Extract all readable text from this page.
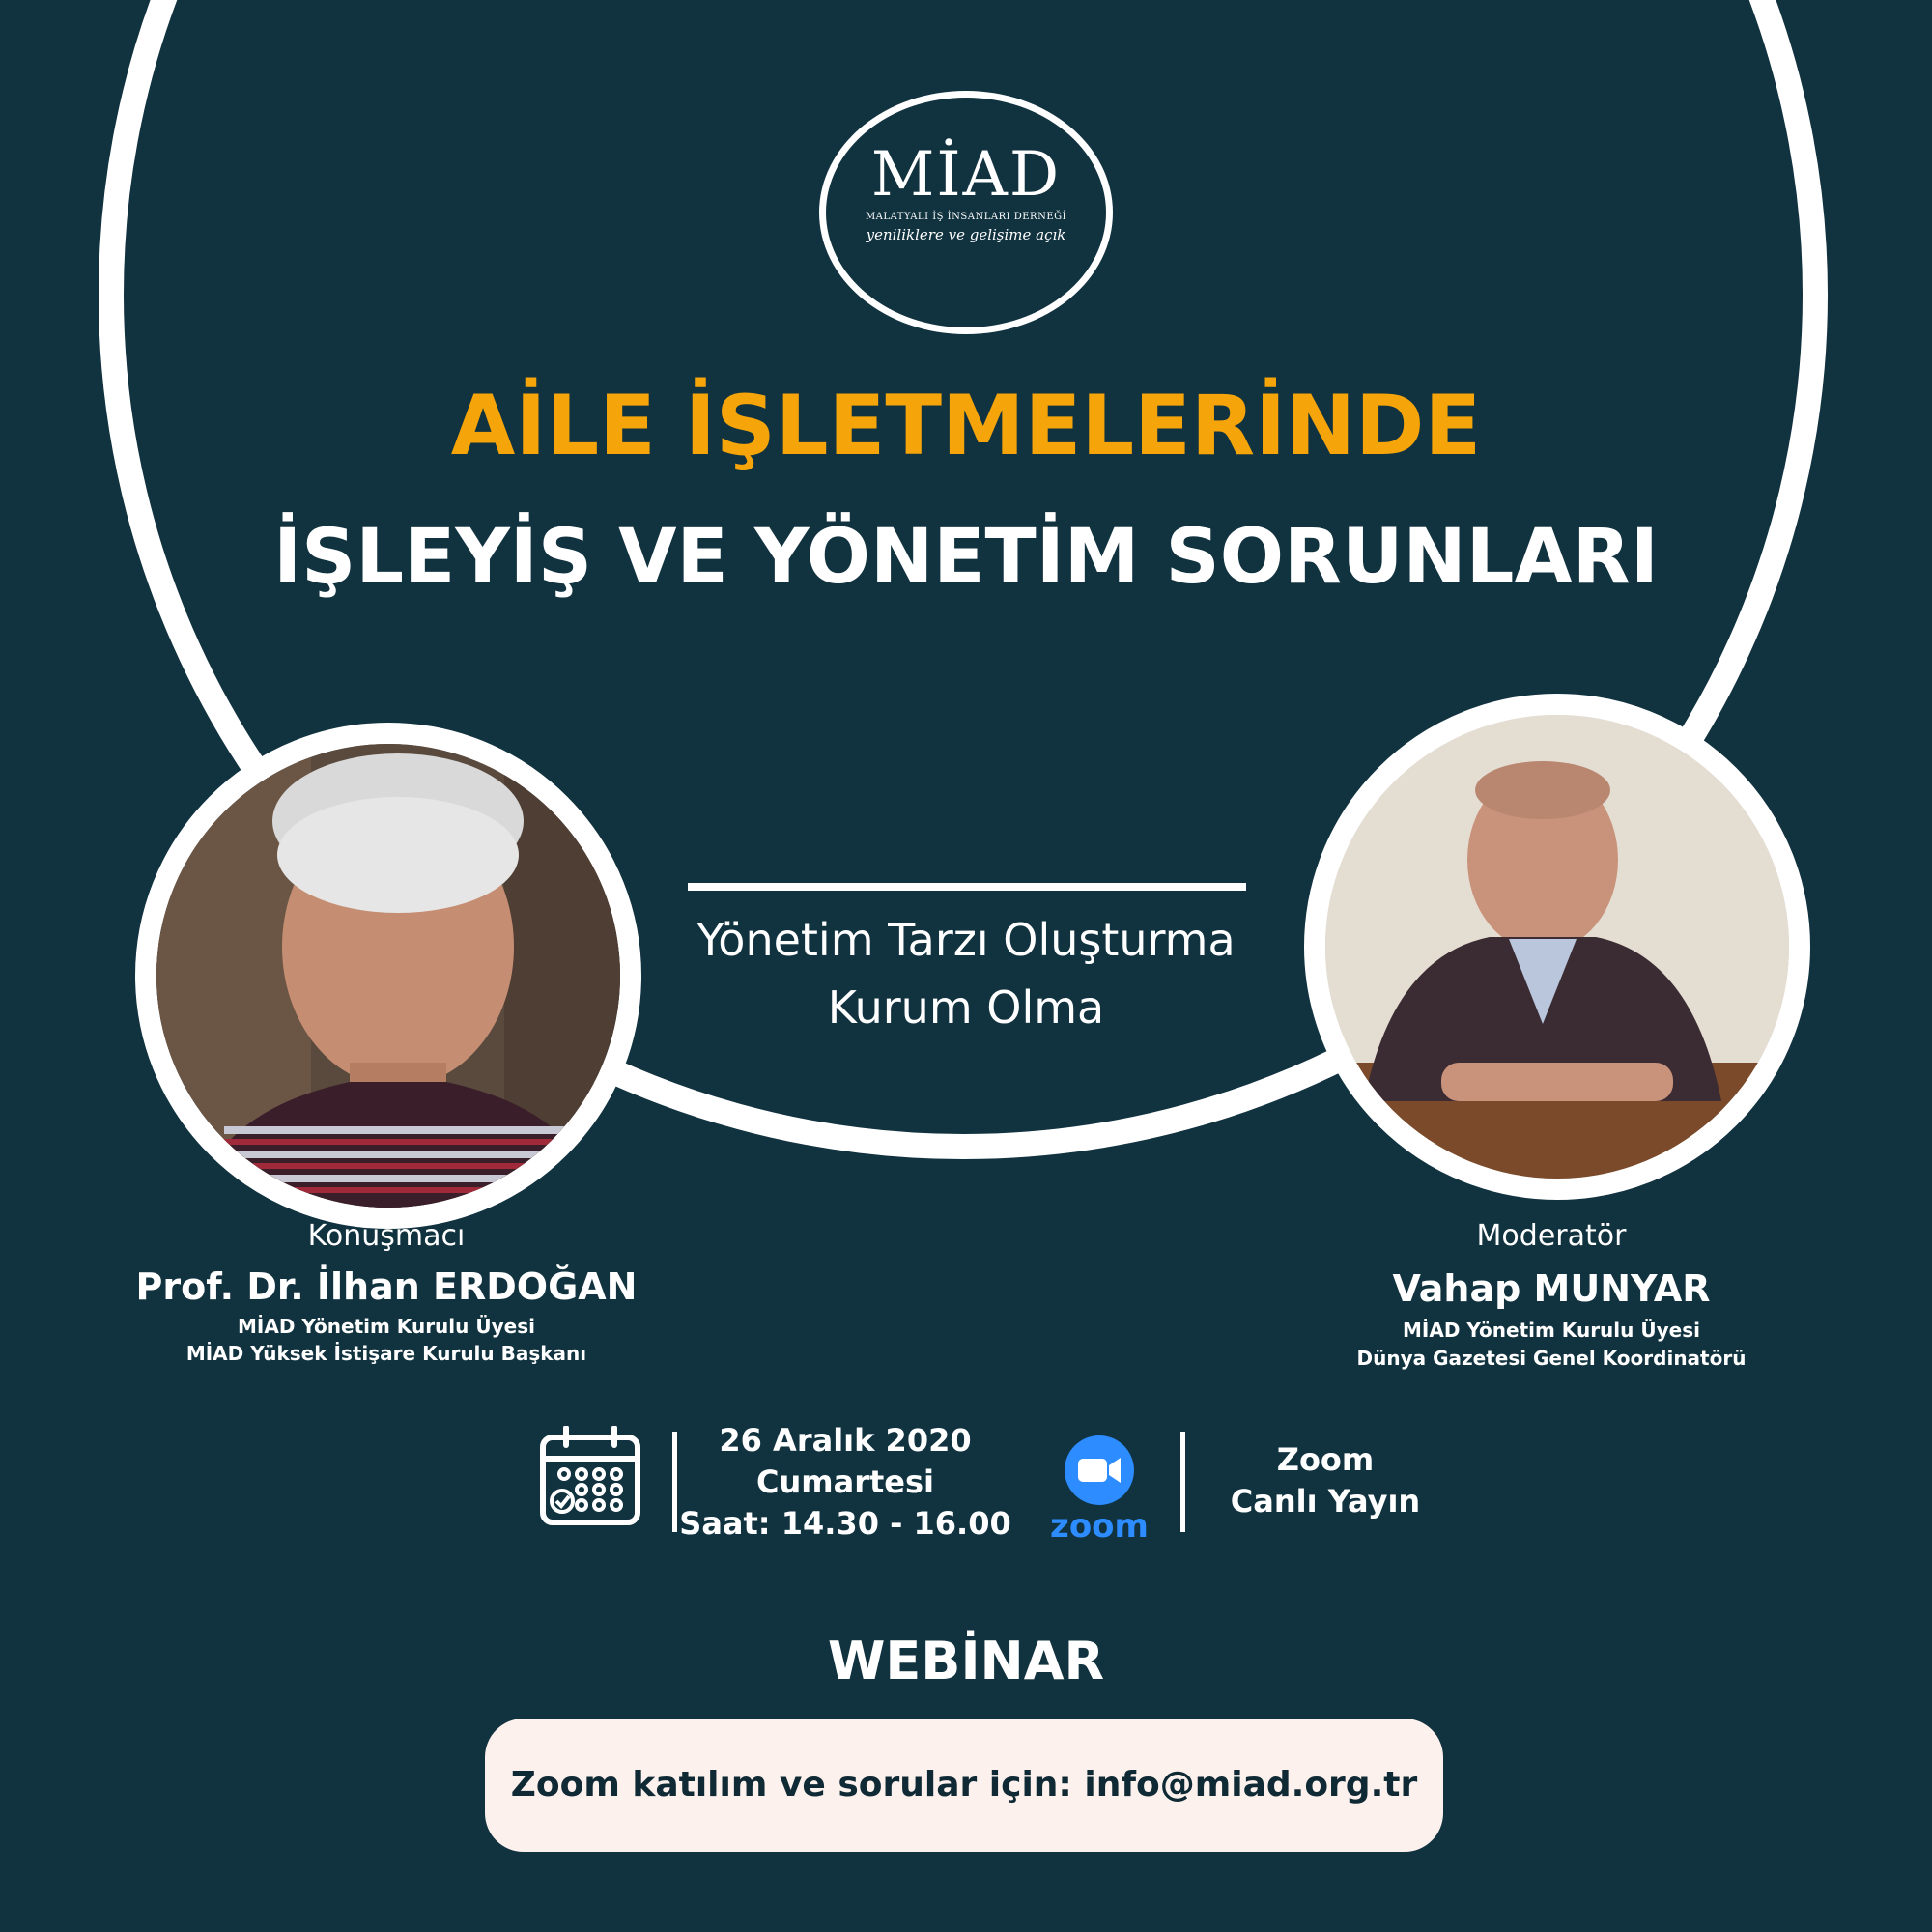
MİAD
MALATYALI İŞ İNSANLARI DERNEĞİ
yeniliklere ve gelişime açık
AİLE İŞLETMELERİNDE
İŞLEYİŞ VE YÖNETİM SORUNLARI
Yönetim Tarzı Oluşturma
Kurum Olma
Konuşmacı
Prof. Dr. İlhan ERDOĞAN
MİAD Yönetim Kurulu Üyesi
MİAD Yüksek İstişare Kurulu Başkanı
Moderatör
Vahap MUNYAR
MİAD Yönetim Kurulu Üyesi
Dünya Gazetesi Genel Koordinatörü
26 Aralık 2020
Cumartesi
Saat: 14.30 - 16.00 zoom
Zoom
Canlı Yayın
WEBİNAR
Zoom katılım ve sorular için: info@miad.org.tr
